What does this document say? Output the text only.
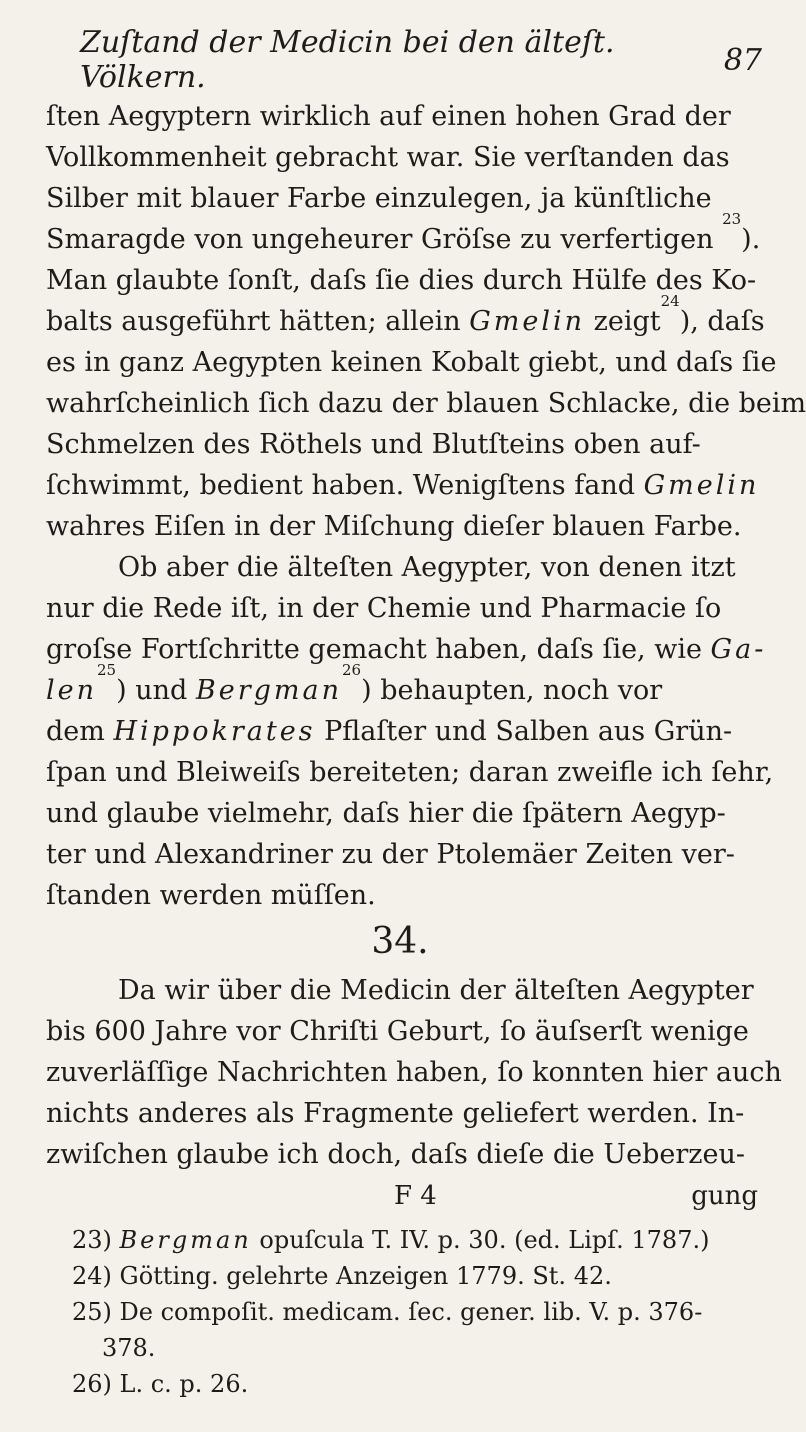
Zuſtand der Medicin bei den älteſt. Völkern.	87
ſten Aegyptern wirklich auf einen hohen Grad der
Vollkommenheit gebracht war. Sie verſtanden das
Silber mit blauer Farbe einzulegen, ja künſtliche
Smaragde von ungeheurer Gröſse zu verfertigen

23
).
Man glaubte ſonſt, daſs ſie dies durch Hülfe des Ko-
balts ausgeführt hätten; allein
Gmelin
zeigt
24
), daſs
es in ganz Aegypten keinen Kobalt giebt, und daſs ſie
wahrſcheinlich ſich dazu der blauen Schlacke, die beim
Schmelzen des Röthels und Blutſteins oben auf-
ſchwimmt, bedient haben. Wenigſtens fand
Gmelin
wahres Eiſen in der Miſchung dieſer blauen Farbe.
Ob aber die älteſten Aegypter, von denen itzt
nur die Rede iſt, in der Chemie und Pharmacie ſo
groſse Fortſchritte gemacht haben, daſs ſie, wie
Ga-
len
25
) und
Bergman
26
) behaupten, noch vor
dem
Hippokrates
Pflaſter und Salben aus Grün-
ſpan und Bleiweiſs bereiteten; daran zweifle ich ſehr,
und glaube vielmehr, daſs hier die ſpätern Aegyp-
ter und Alexandriner zu der Ptolemäer Zeiten ver-
ſtanden werden müſſen.
34.
Da wir über die Medicin der älteſten Aegypter
bis 600 Jahre vor Chriſti Geburt, ſo äuſserſt wenige
zuverläſſige Nachrichten haben, ſo konnten hier auch
nichts anderes als Fragmente geliefert werden. In-
zwiſchen glaube ich doch, daſs dieſe die Ueberzeu-
F 4	gung
23) Bergman opuſcula T. IV. p. 30. (ed. Lipſ. 1787.)
24) Götting. gelehrte Anzeigen 1779. St. 42.
25) De compoſit. medicam. ſec. gener. lib. V. p. 376-
378.
26) L. c. p. 26.
